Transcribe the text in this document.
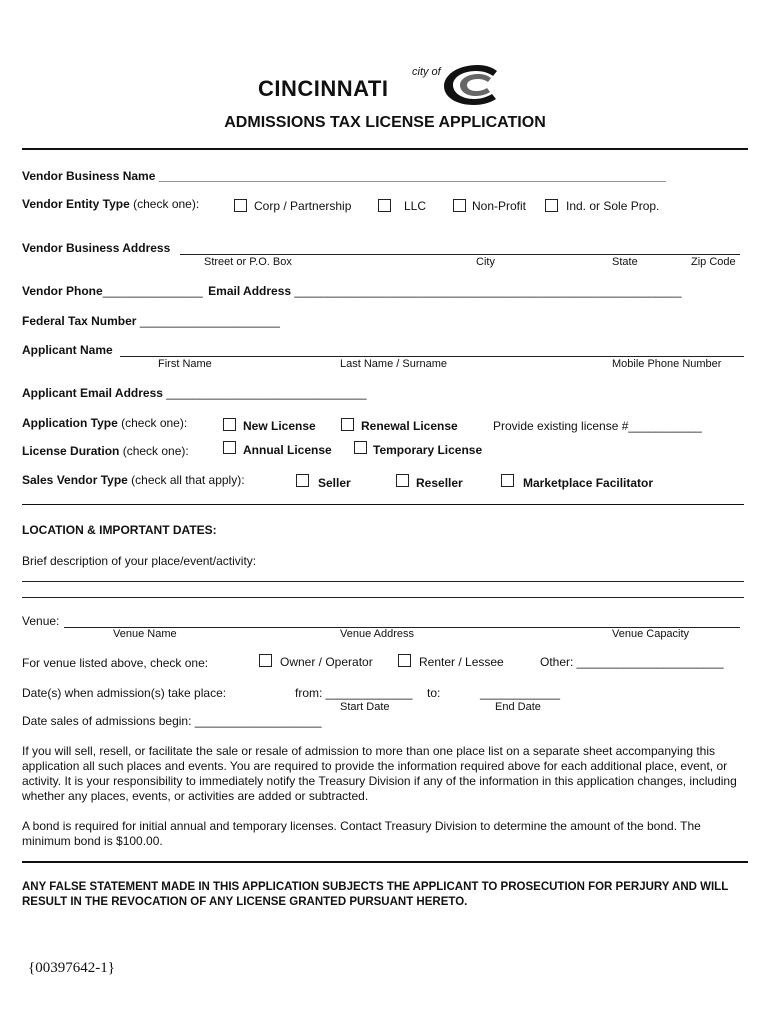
city of
CINCINNATI
ADMISSIONS TAX LICENSE APPLICATION
Vendor Business Name ____________________________________________________________________________
Vendor Entity Type (check one):	Corp / Partnership	LLC	Non-Profit	Ind. or Sole Prop.
Vendor Business Address
Street or P.O. Box	City	State	Zip Code
Vendor Phone_______________ Email Address __________________________________________________________
Federal Tax Number _____________________
Applicant Name
First Name	Last Name / Surname	Mobile Phone Number
Applicant Email Address ______________________________
Application Type (check one):	New License	Renewal License	Provide existing license #___________
License Duration (check one):	Annual License	Temporary License
Sales Vendor Type (check all that apply):	Seller	Reseller	Marketplace Facilitator
LOCATION & IMPORTANT DATES:
Brief description of your place/event/activity:
Venue:
Venue Name	Venue Address	Venue Capacity
For venue listed above, check one:	Owner / Operator	Renter / Lessee	Other: ______________________
Date(s) when admission(s) take place:	from: _____________ to:	____________
Start Date	End Date
Date sales of admissions begin: ___________________
If you will sell, resell, or facilitate the sale or resale of admission to more than one place list on a separate sheet accompanying this application all such places and events. You are required to provide the information required above for each additional place, event, or activity. It is your responsibility to immediately notify the Treasury Division if any of the information in this application changes, including whether any places, events, or activities are added or subtracted.
A bond is required for initial annual and temporary licenses. Contact Treasury Division to determine the amount of the bond. The minimum bond is $100.00.
ANY FALSE STATEMENT MADE IN THIS APPLICATION SUBJECTS THE APPLICANT TO PROSECUTION FOR PERJURY AND WILL RESULT IN THE REVOCATION OF ANY LICENSE GRANTED PURSUANT HERETO.
{00397642-1}
